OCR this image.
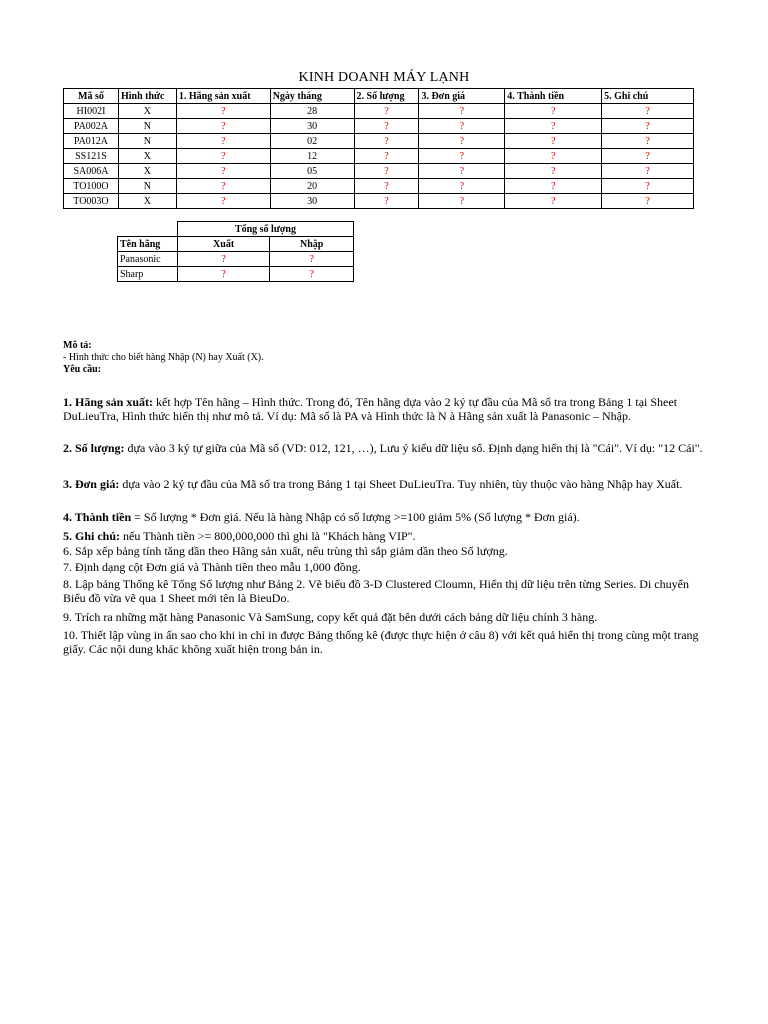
KINH DOANH MÁY LẠNH
Mã số	Hình thức	1. Hãng sản xuất	Ngày tháng	2. Số lượng	3. Đơn giá	4. Thành tiền	5. Ghi chú
HI002I	X	?	28	?	?	?	?
PA002A	N	?	30	?	?	?	?
PA012A	N	?	02	?	?	?	?
SS121S	X	?	12	?	?	?	?
SA006A	X	?	05	?	?	?	?
TO100O	N	?	20	?	?	?	?
TO003O	X	?	30	?	?	?	?
	Tổng số lượng	
Tên hãng	Xuất	Nhập
Panasonic	?	?
Sharp	?	?

Mô tả:

- Hình thức cho biết hàng Nhập (N) hay Xuất (X).

Yêu cầu:

1. Hãng sản xuất: kết hợp Tên hãng – Hình thức. Trong đó, Tên hãng dựa vào 2 ký tự đầu của Mã số tra trong Bảng 1 tại Sheet DuLieuTra, Hình thức hiển thị như mô tả. Ví dụ: Mã số là PA và Hình thức là N à Hãng sản xuất là Panasonic – Nhập.

2. Số lượng: dựa vào 3 ký tự giữa của Mã số (VD: 012, 121, …), Lưu ý kiểu dữ liệu số. Định dạng hiển thị là "Cái". Ví dụ: "12 Cái".

3. Đơn giá: dựa vào 2 ký tự đầu của Mã số tra trong Bảng 1 tại Sheet DuLieuTra. Tuy nhiên, tùy thuộc vào hàng Nhập hay Xuất.

4. Thành tiền = Số lượng * Đơn giá. Nếu là hàng Nhập có số lượng >=100 giảm 5% (Số lượng * Đơn giá).

5. Ghi chú: nếu Thành tiền >= 800,000,000 thì ghi là "Khách hàng VIP".

6. Sắp xếp bảng tính tăng dần theo Hãng sản xuất, nếu trùng thì sắp giảm dần theo Số lượng.

7. Định dạng cột Đơn giá và Thành tiền theo mẫu 1,000 đồng.

8. Lập bảng Thống kê Tổng Số lượng như Bảng 2. Vẽ biểu đồ 3-D Clustered Cloumn, Hiển thị dữ liệu trên từng Series. Di chuyển Biểu đồ vừa vẽ qua 1 Sheet mới tên là BieuDo.

9. Trích ra những mặt hàng Panasonic Và SamSung, copy kết quả đặt bên dưới cách bảng dữ liệu chính 3 hàng.

10. Thiết lập vùng in ấn sao cho khi in chỉ in được Bảng thống kê (được thực hiện ở câu 8) với kết quả hiển thị trong cùng một trang giấy. Các nội dung khác không xuất hiện trong bản in.
